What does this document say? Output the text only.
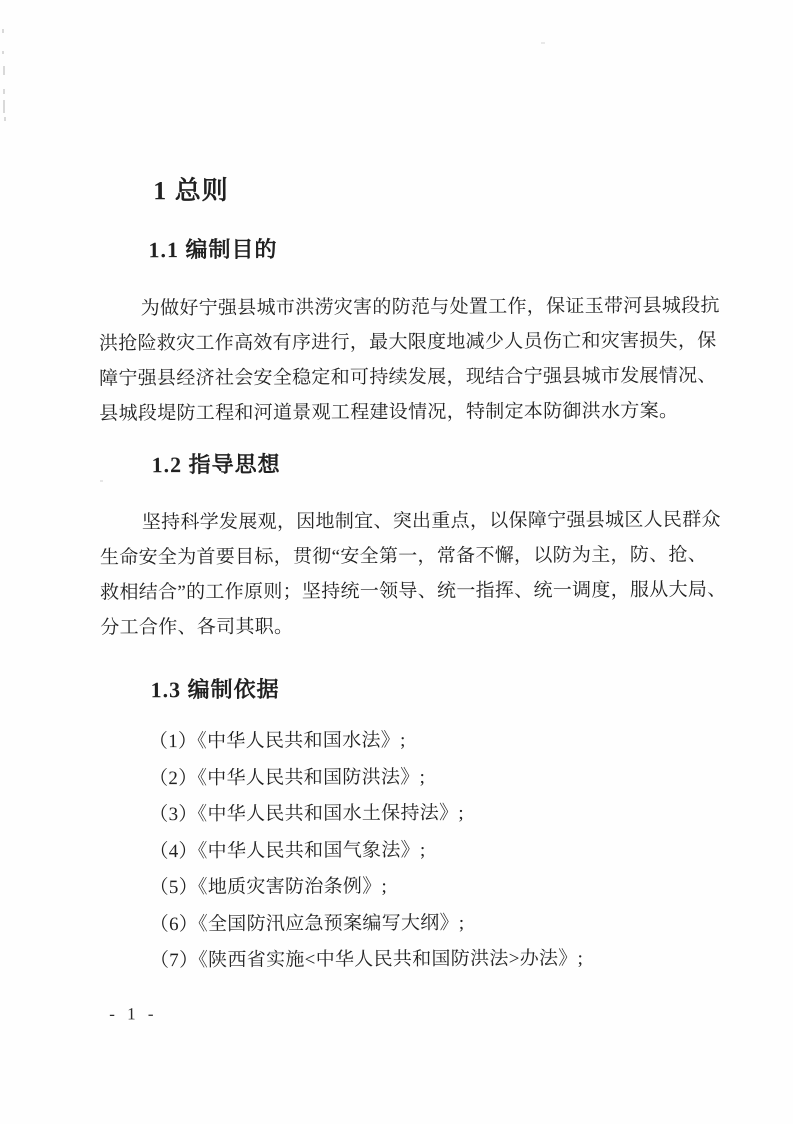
1 总则
1.1 编制目的
为做好宁强县城市洪涝灾害的防范与处置工作，保证玉带河县城段抗
洪抢险救灾工作高效有序进行，最大限度地减少人员伤亡和灾害损失，保
障宁强县经济社会安全稳定和可持续发展，现结合宁强县城市发展情况、
县城段堤防工程和河道景观工程建设情况，特制定本防御洪水方案。
1.2 指导思想
坚持科学发展观，因地制宜、突出重点，以保障宁强县城区人民群众
生命安全为首要目标，贯彻“安全第一，常备不懈，以防为主，防、抢、
救相结合”的工作原则；坚持统一领导、统一指挥、统一调度，服从大局、
分工合作、各司其职。
1.3 编制依据
（1）《中华人民共和国水法》;
（2）《中华人民共和国防洪法》;
（3）《中华人民共和国水土保持法》;
（4）《中华人民共和国气象法》;
（5）《地质灾害防治条例》;
（6）《全国防汛应急预案编写大纲》;
（7）《陕西省实施<中华人民共和国防洪法>办法》;
- 1 -
